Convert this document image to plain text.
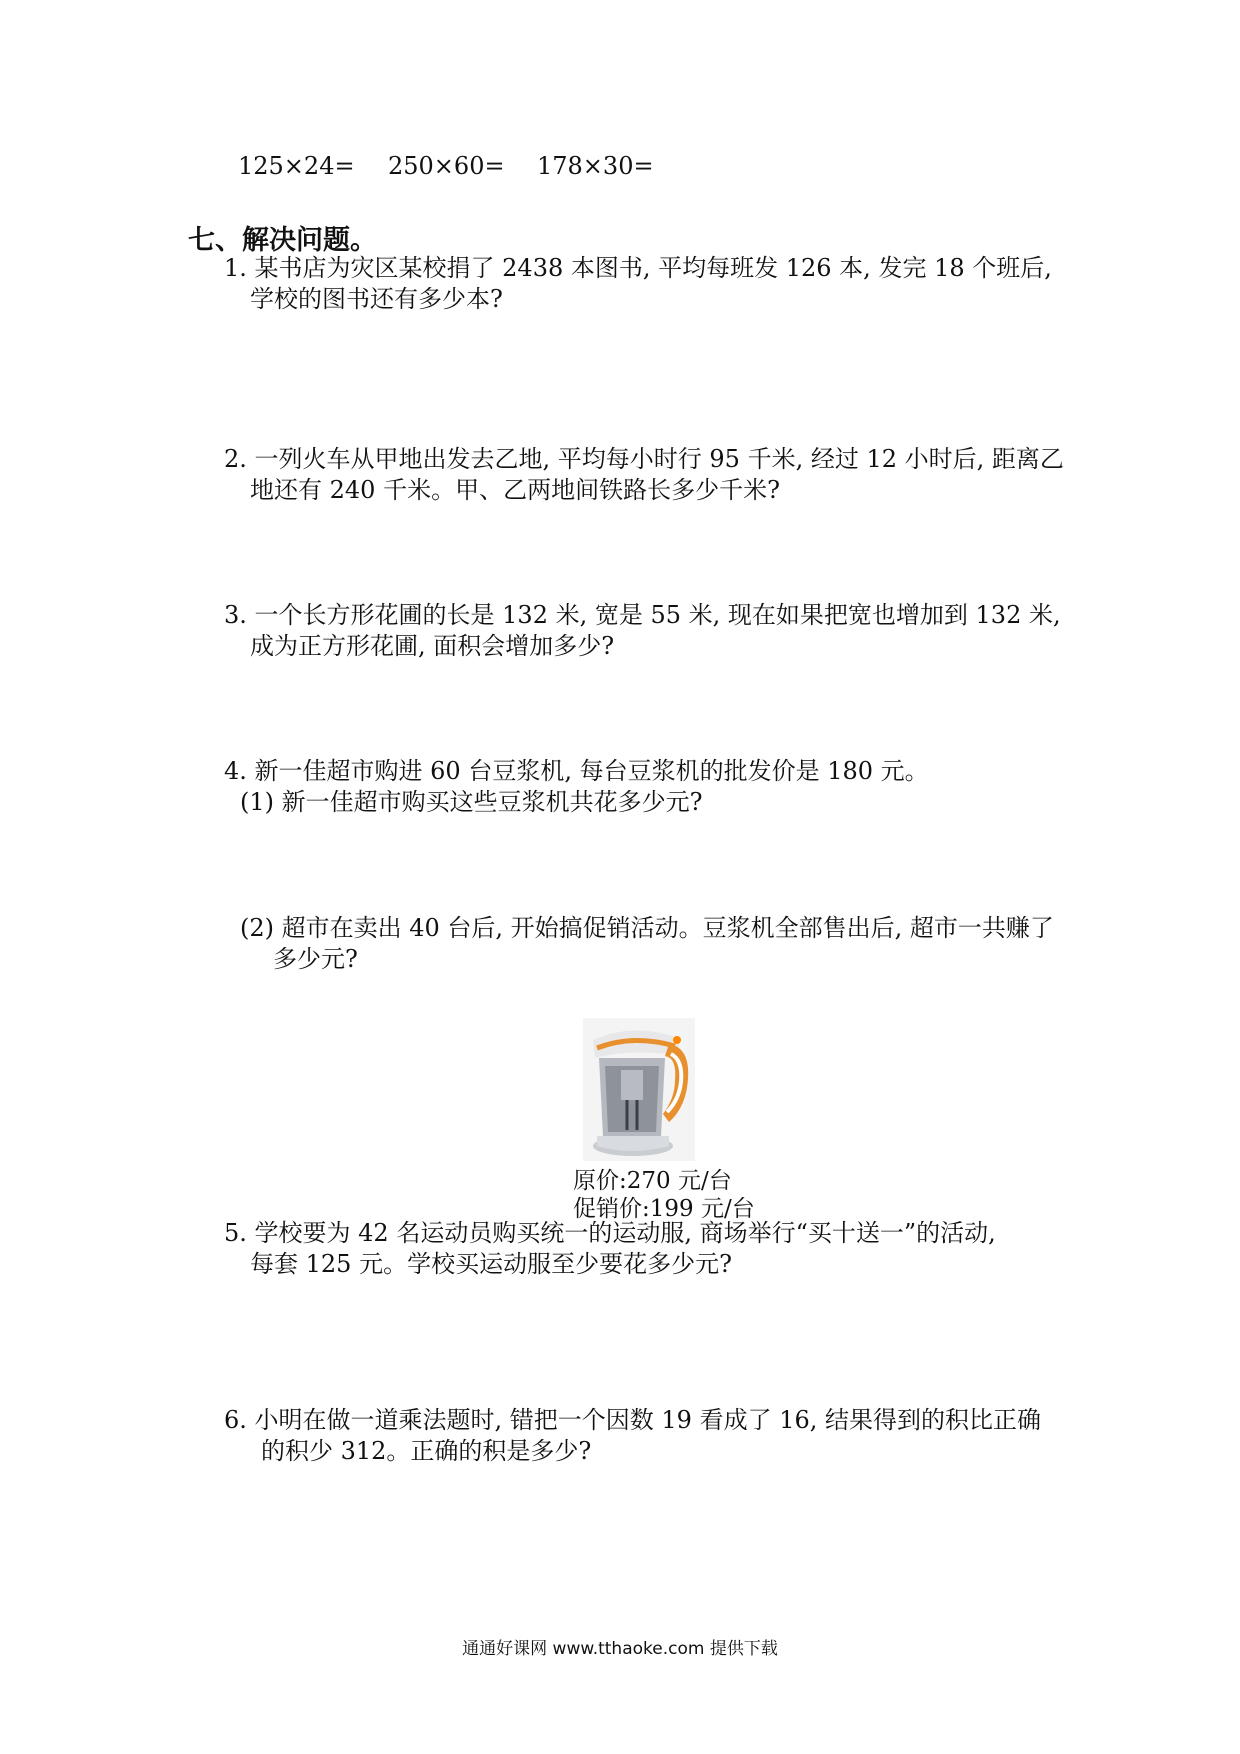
125×24= 250×60= 178×30=
七、解决问题。
1. 某书店为灾区某校捐了 2438 本图书, 平均每班发 126 本, 发完 18 个班后,
学校的图书还有多少本?
2. 一列火车从甲地出发去乙地, 平均每小时行 95 千米, 经过 12 小时后, 距离乙
地还有 240 千米。甲、乙两地间铁路长多少千米?
3. 一个长方形花圃的长是 132 米, 宽是 55 米, 现在如果把宽也增加到 132 米,
成为正方形花圃, 面积会增加多少?
4. 新一佳超市购进 60 台豆浆机, 每台豆浆机的批发价是 180 元。
(1) 新一佳超市购买这些豆浆机共花多少元?
(2) 超市在卖出 40 台后, 开始搞促销活动。豆浆机全部售出后, 超市一共赚了
多少元?
原价:270 元/台
促销价:199 元/台
5. 学校要为 42 名运动员购买统一的运动服, 商场举行“买十送一”的活动,
每套 125 元。学校买运动服至少要花多少元?
6. 小明在做一道乘法题时, 错把一个因数 19 看成了 16, 结果得到的积比正确
的积少 312。正确的积是多少?
通通好课网 www.tthaoke.com 提供下载
